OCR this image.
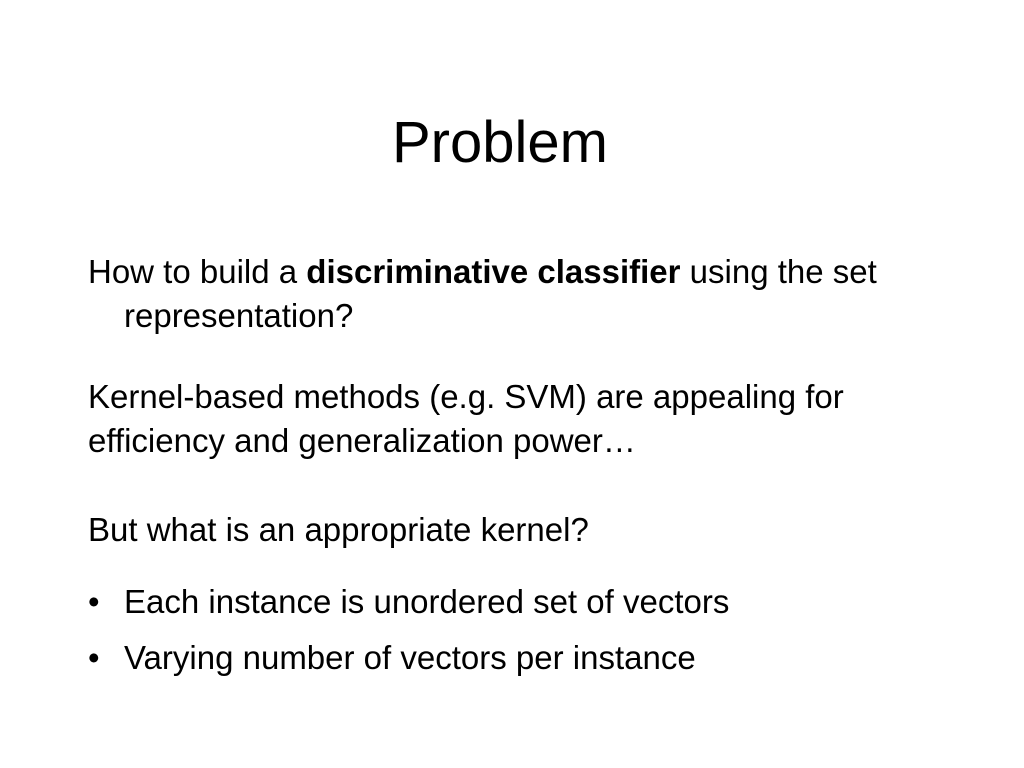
Problem

How to build a discriminative classifier using the set representation?

Kernel-based methods (e.g. SVM) are appealing for efficiency and generalization power…

But what is an appropriate kernel?

• Each instance is unordered set of vectors
• Varying number of vectors per instance
